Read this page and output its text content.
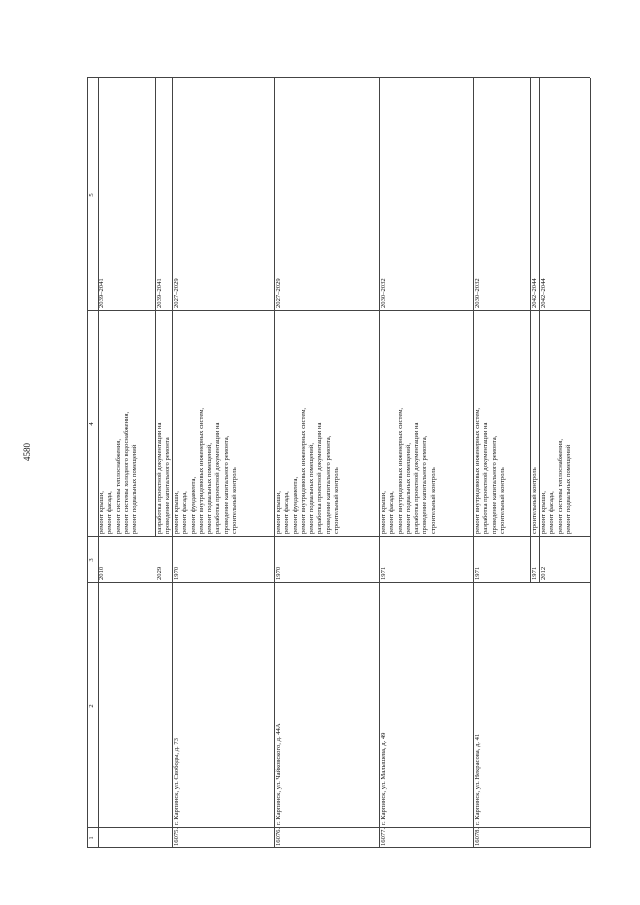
4580
1
2
3
4
5
2010
ремонт крыши, ремонт фасада, ремонт системы теплоснабжения, ремонт системы холодного водоснабжения, ремонт подвальных помещений
2039–2041
2029
разработка проектной документации на проведение капитального ремонта
2039–2041
16075.
г. Карпинск, ул. Свободы, д. 73
1970
ремонт крыши, ремонт фасада, ремонт фундамента, ремонт внутридомовых инженерных систем, ремонт подвальных помещений, разработка проектной документации на проведение капитального ремонта, строительный контроль
2027–2029
16076.
г. Карпинск, ул. Чайковского, д. 44А
1970
ремонт крыши, ремонт фасада, ремонт фундамента, ремонт внутридомовых инженерных систем, ремонт подвальных помещений, разработка проектной документации на проведение капитального ремонта, строительный контроль
2027–2029
16077.
г. Карпинск, ул. Малышева, д. 49
1971
ремонт крыши, ремонт фасада, ремонт внутридомовых инженерных систем, ремонт подвальных помещений, разработка проектной документации на проведение капитального ремонта, строительный контроль
2030–2032
16078.
г. Карпинск, ул. Некрасова, д. 41
1971
ремонт внутридомовых инженерных систем, разработка проектной документации на проведение капитального ремонта, строительный контроль
2030–2032
1971
строительный контроль
2042–2044
2012
ремонт крыши, ремонт фасада, ремонт системы теплоснабжения, ремонт подвальных помещений
2042–2044
